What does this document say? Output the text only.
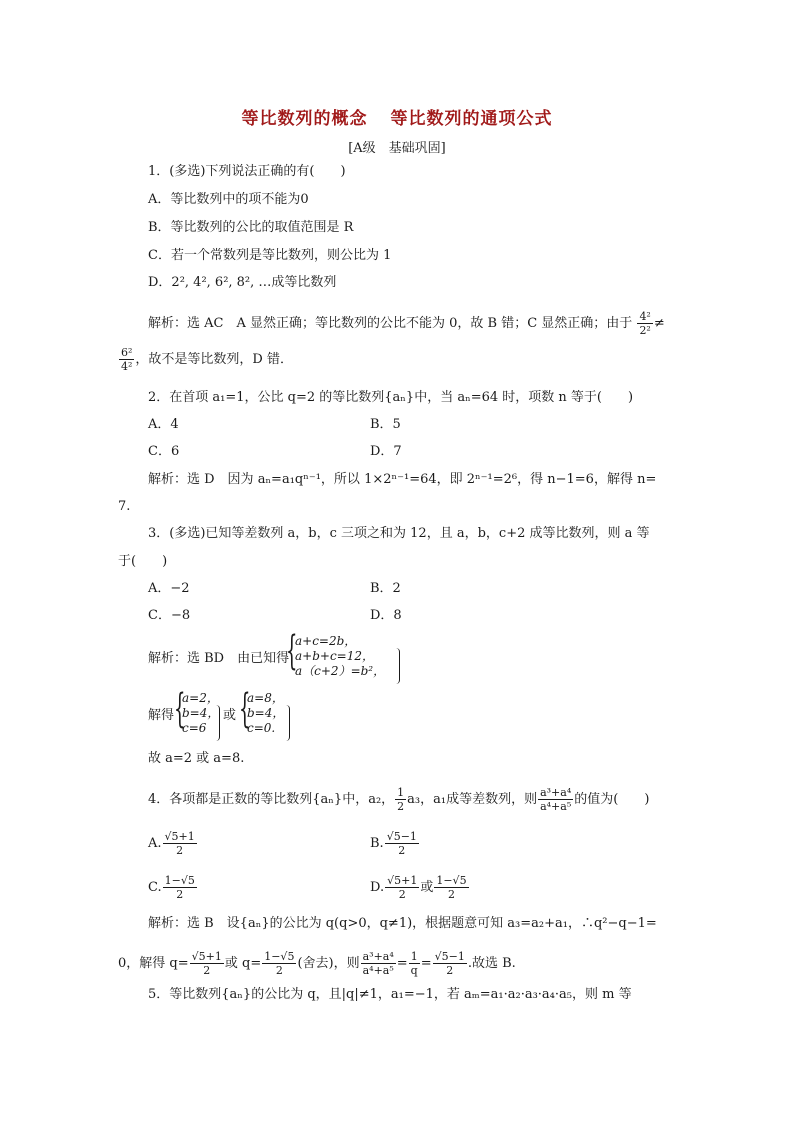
等比数列的概念 等比数列的通项公式
[A级　基础巩固]
1．(多选)下列说法正确的有(　　)
A．等比数列中的项不能为0
B．等比数列的公比的取值范围是 R
C．若一个常数列是等比数列，则公比为 1
D．2², 4², 6², 8², …成等比数列
解析：选 AC　A 显然正确；等比数列的公比不能为 0，故 B 错；C 显然正确；由于 $\frac{\text{4²}}{\text{2²}}$ ≠
$\frac{\text{6²}}{\text{4²}}$ ，故不是等比数列，D 错．
2．在首项 a₁=1，公比 q=2 的等比数列{aₙ}中，当 aₙ=64 时，项数 n 等于(　　)
A．4	B．5
C．6	D．7
解析：选 D　因为 aₙ=a₁qⁿ⁻¹，所以 1×2ⁿ⁻¹=64，即 2ⁿ⁻¹=2⁶，得 n−1=6，解得 n=
7.
3．(多选)已知等差数列 a，b，c 三项之和为 12，且 a，b，c+2 成等比数列，则 a 等
于(　　)
A．−2	B．2
C．−8	D．8
解析：选 BD　由已知得
{
a+c=2b，
a+b+c=12，
a（c+2）=b²，
解得 {
a=2，
b=4，
c=6
或 {
a=8，
b=4，
c=0.
故 a=2 或 a=8.
4．各项都是正数的等比数列{aₙ}中，a₂， $\frac{1}{2} a_3$，a₁成等差数列，则 $\frac{\text{a³+a⁴}}{\text{a⁴+a⁵}}$ 的值为(　　)
A. $\frac{√5+1}{2}$	B. $\frac{√5-1}{2}$
C. $\frac{1-√5}{2}$	D. $\frac{√5+1}{2}$ 或 $\frac{1-√5}{2}$
解析：选 B　设{aₙ}的公比为 q(q>0，q≠1)，根据题意可知 a₃=a₂+a₁，∴q²−q−1=
0，解得 $q= \frac{√5+1}{2}$ 或 $q= \frac{1-√5}{2}$ (舍去)，则 $\frac{\text{a³+a⁴}}{\text{a⁴+a⁵}} = \frac{1}{q} = \frac{√5-1}{2}$ .故选 B.
5．等比数列{aₙ}的公比为 q，且|q|≠1，a₁=−1，若 aₘ=a₁·a₂·a₃·a₄·a₅，则 m 等
